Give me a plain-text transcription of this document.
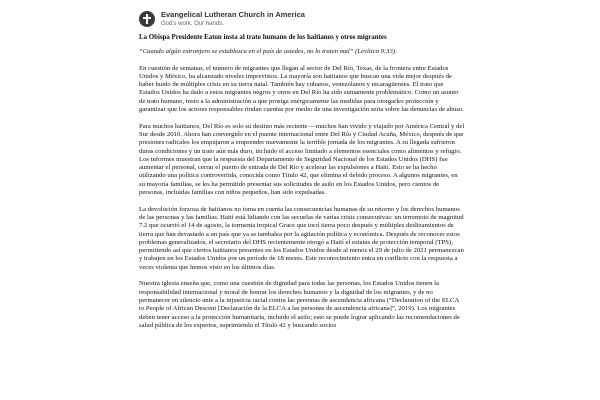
Evangelical Lutheran Church in America
God's work. Our hands.

La Obispa Presidente Eaton insta al trato humano de los haitianos y otros migrantes

“Cuando algún extranjero se establezca en el país de ustedes, no lo traten mal” (Levítico 9:33).

En cuestión de semanas, el número de migrantes que llegan al sector de Del Río, Texas, de la frontera entre Estados Unidos y México, ha alcanzado niveles imprevistos. La mayoría son haitianos que buscan una vida mejor después de haber huido de múltiples crisis en su tierra natal. También hay cubanos, venezolanos y nicaragüenses. El trato que Estados Unidos ha dado a estos migrantes negros y otros en Del Río ha sido sumamente problemático. Como un asunto de trato humano, insto a la administración a que prosiga enérgicamente las medidas para otorgarles protección y garantizar que los actores responsables rindan cuentas por medio de una investigación seria sobre las denuncias de abuso.

Para muchos haitianos, Del Río es solo su destino más reciente —muchos han vivido y viajado por América Central y del Sur desde 2010. Ahora han convergido en el puente internacional entre Del Río y Ciudad Acuña, México, después de que presiones radicales los empujaron a emprender nuevamente la terrible jornada de los migrantes. A su llegada sufrieron duras condiciones y un trato aún más duro, incluido el acceso limitado a elementos esenciales como alimentos y refugio. Los informes muestran que la respuesta del Departamento de Seguridad Nacional de los Estados Unidos (DHS) fue aumentar el personal, cerrar el puerto de entrada de Del Río y acelerar las expulsiones a Haití. Esto se ha hecho utilizando una política controvertida, conocida como Título 42, que elimina el debido proceso. A algunos migrantes, en su mayoría familias, se les ha permitido presentar sus solicitudes de asilo en los Estados Unidos, pero cientos de personas, incluidas familias con niños pequeños, han sido expulsadas.

La devolución forzosa de haitianos no toma en cuenta las consecuencias humanas de su retorno y los derechos humanos de las personas y las familias. Haití está lidiando con las secuelas de varias crisis consecutivas: un terremoto de magnitud 7.2 que ocurrió el 14 de agosto, la tormenta tropical Grace que tocó tierra poco después y múltiples deslizamientos de tierra que han devastado a un país que ya se tambalea por la agitación política y económica. Después de reconocer estos problemas generalizados, el secretario del DHS recientemente otorgó a Haití el estatus de protección temporal (TPS), permitiendo así que ciertos haitianos presentes en los Estados Unidos desde al menos el 29 de julio de 2021 permanezcan y trabajen en los Estados Unidos por un período de 18 meses. Este reconocimiento entra en conflicto con la respuesta a veces violenta que hemos visto en los últimos días.

Nuestra iglesia enseña que, como una cuestión de dignidad para todas las personas, los Estados Unidos tienen la responsabilidad internacional y moral de honrar los derechos humanos y la dignidad de los migrantes, y de no permanecer en silencio ante a la injusticia racial contra las personas de ascendencia africana (“Declaration of the ELCA to People of African Descent [Declaración de la ELCA a las personas de ascendencia africana]”, 2019). Los migrantes deben tener acceso a la protección humanitaria, incluido el asilo; esto se puede lograr aplicando las recomendaciones de salud pública de los expertos, suprimiendo el Título 42 y buscando socios
